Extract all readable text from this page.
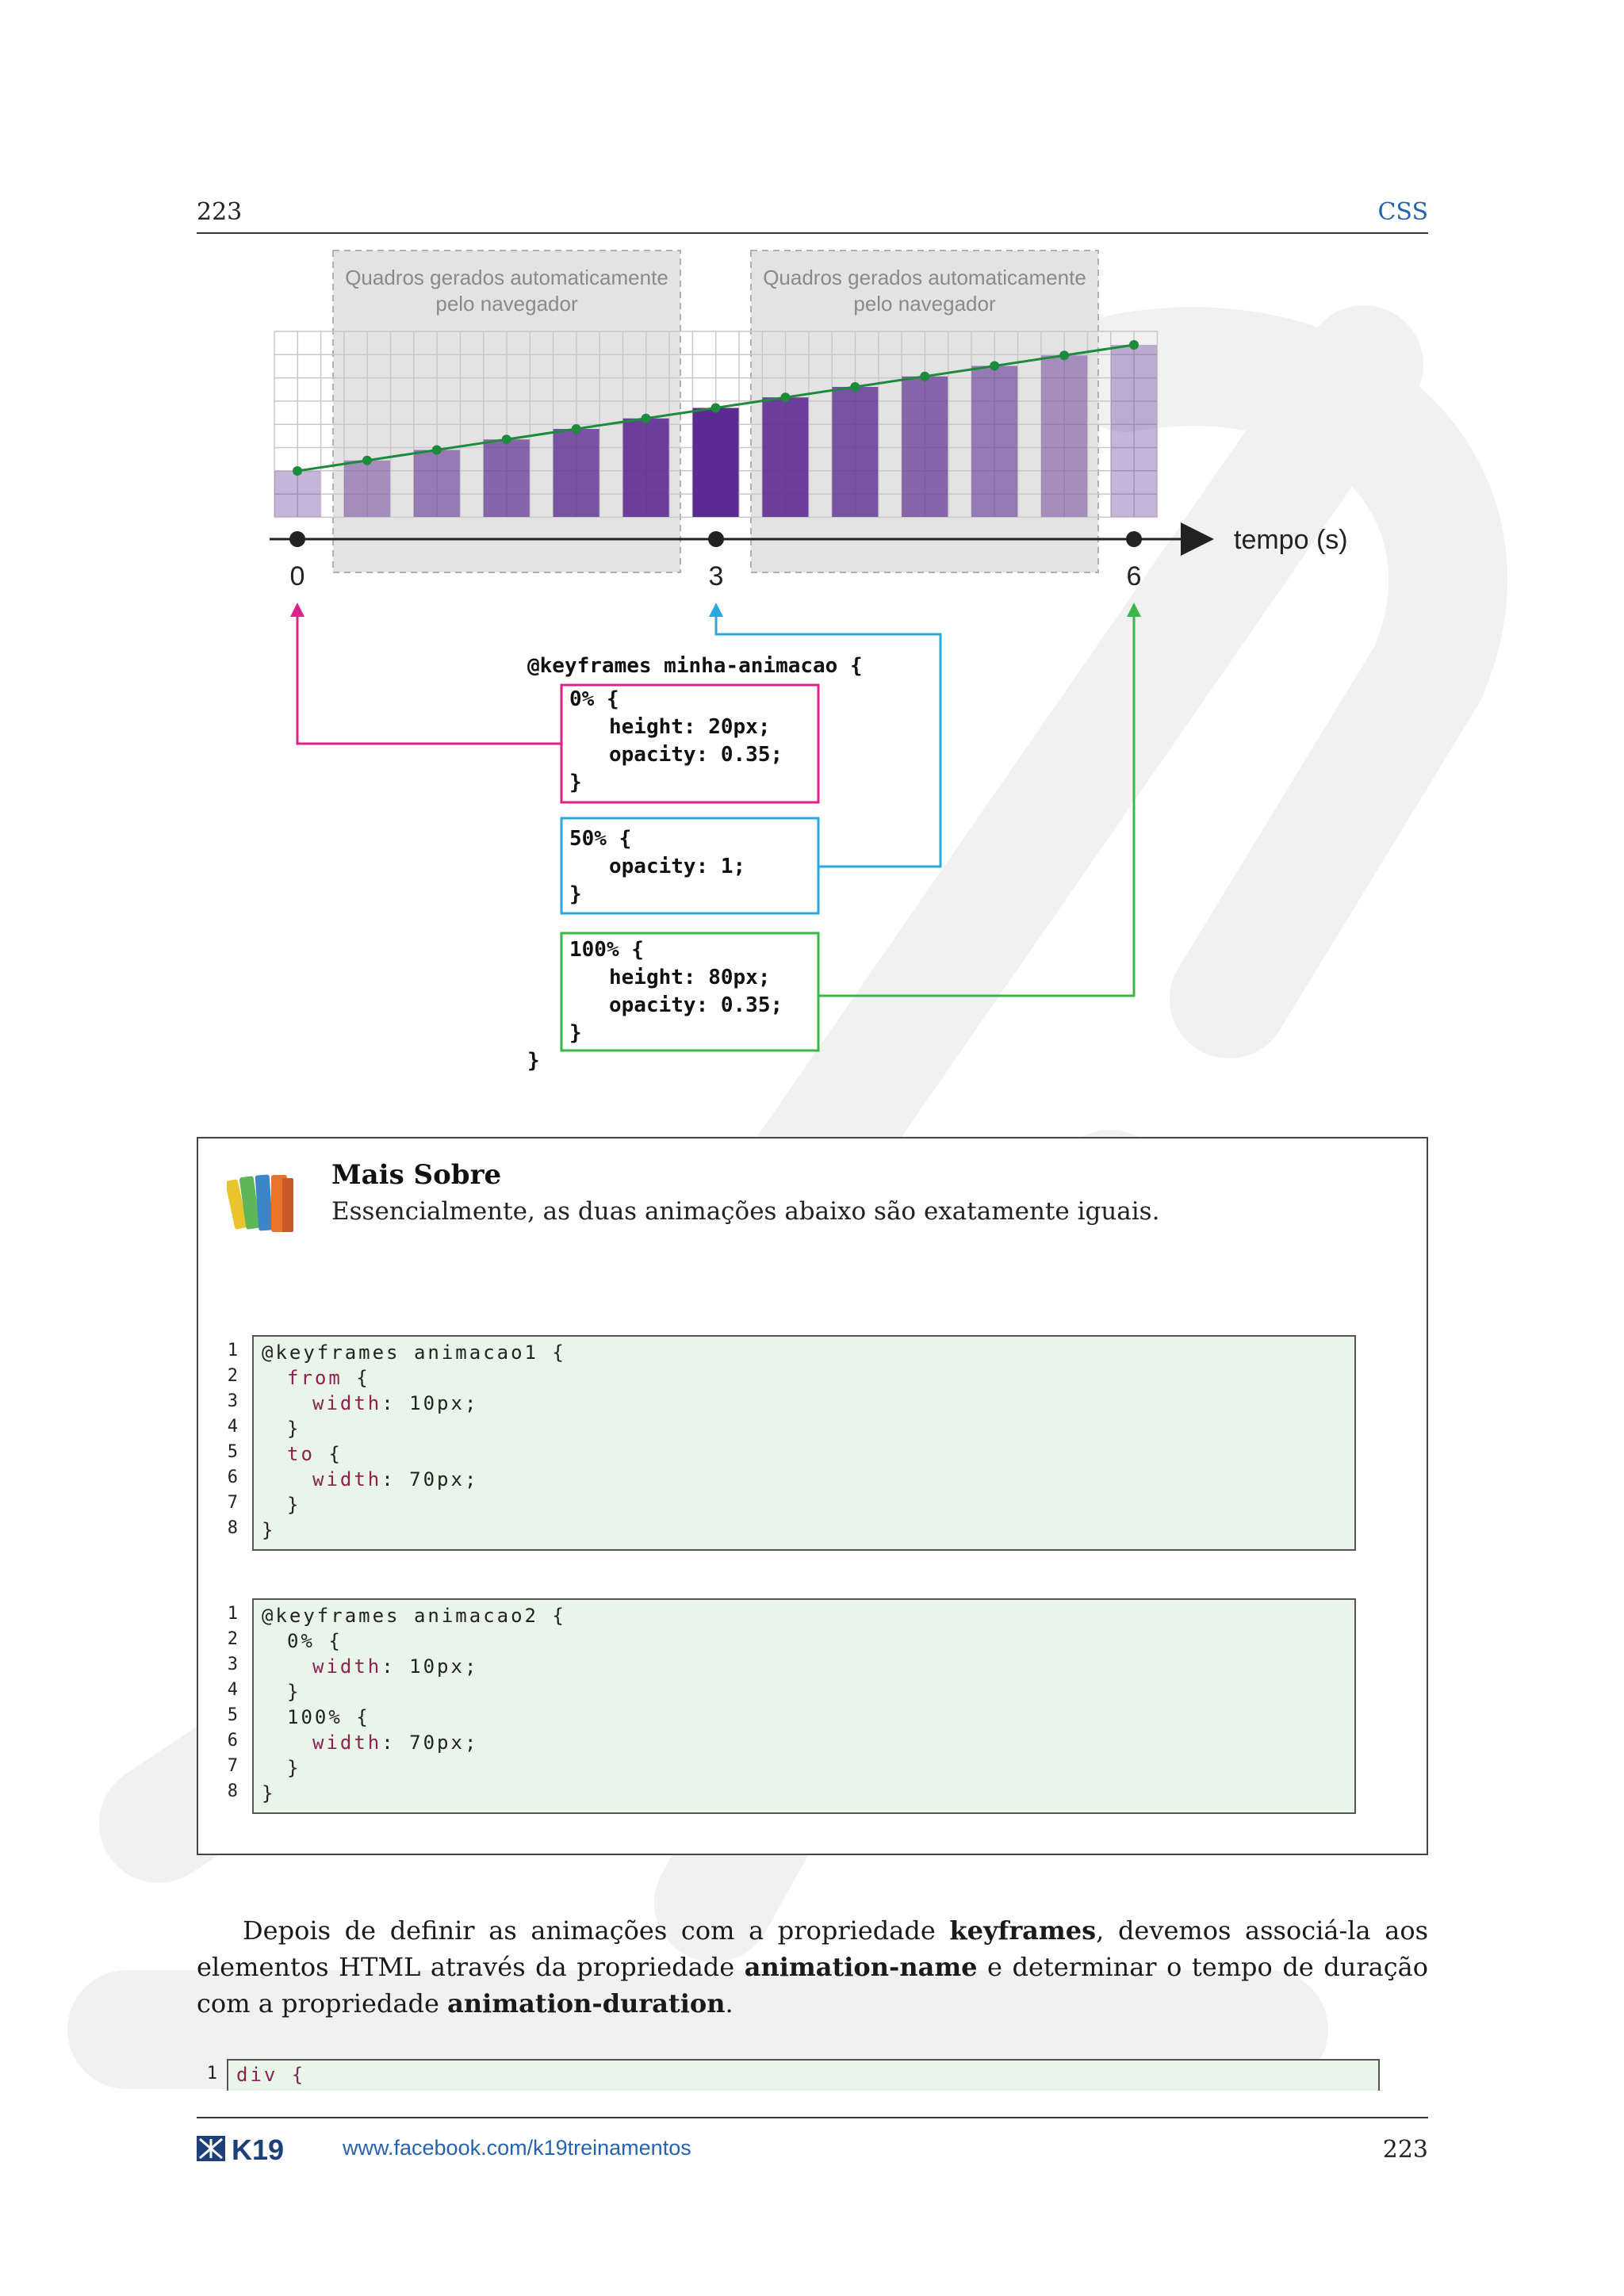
223	CSS
Quadros gerados automaticamente
pelo navegador
Quadros gerados automaticamente
pelo navegador
0	3	6
tempo (s)
@keyframes minha-animacao {
0% {
height: 20px;
opacity: 0.35;
}
50% {
opacity: 1;
}
100% {
height: 80px;
opacity: 0.35;
}
}
Mais Sobre
Essencialmente, as duas animações abaixo são exatamente iguais.
1
2
3
4
5
6
7
8
@keyframes animacao1 {
from {
width: 10px;
}
to {
width: 70px;
}
}
1
2
3
4
5
6
7
8
@keyframes animacao2 {
0% {
width: 10px;
}
100% {
width: 70px;
}
}

Depois de definir as animações com a propriedade keyframes, devemos associá-la aos elementos HTML através da propriedade animation-name e determinar o tempo de duração com a propriedade animation-duration.

1 div {
K19	www.facebook.com/k19treinamentos	223
